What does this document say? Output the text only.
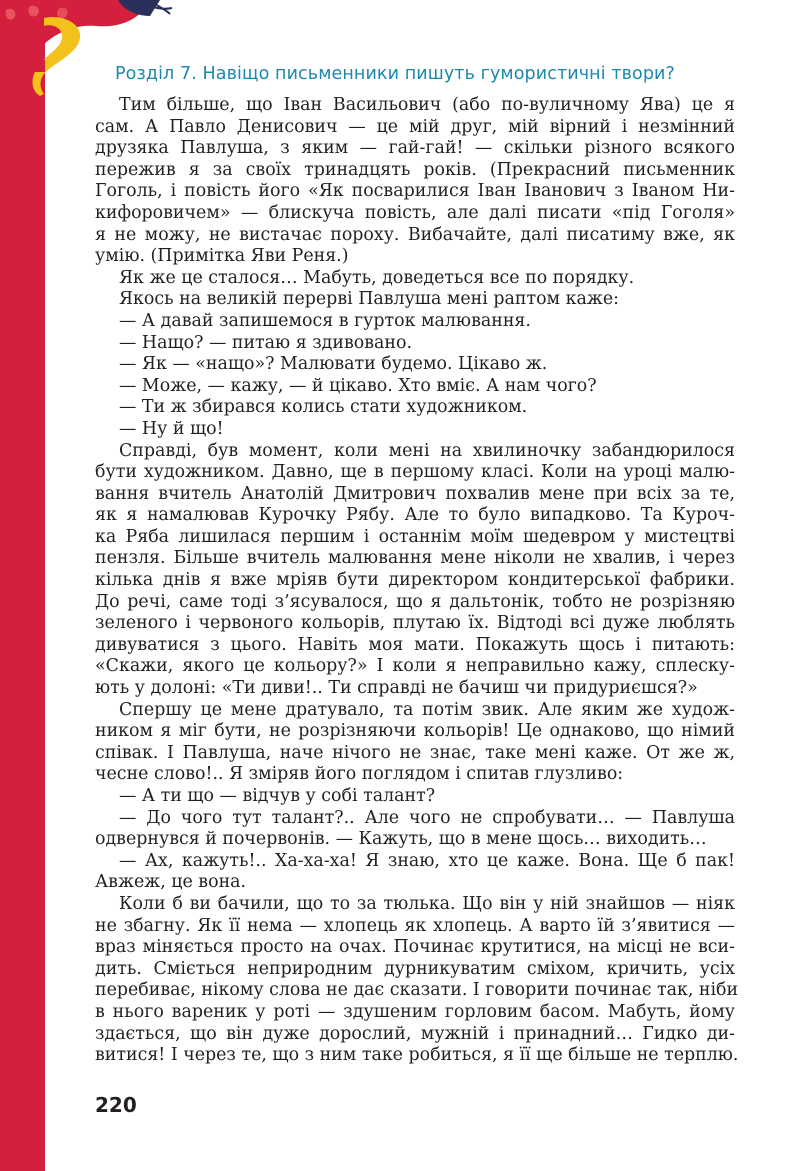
Розділ 7. Навіщо письменники пишуть гумористичні твори?
Тим більше, що Іван Васильович (або по-вуличному Ява) це я
сам. А Павло Денисович — це мій друг, мій вірний і незмінний
друзяка Павлуша, з яким — гай-гай! — скільки різного всякого
пережив я за своїх тринадцять років. (Прекрасний письменник
Гоголь, і повість його «Як посварилися Іван Іванович з Іваном Ни-
кифоровичем» — блискуча повість, але далі писати «під Гоголя»
я не можу, не вистачає пороху. Вибачайте, далі писатиму вже, як
умію. (Примітка Яви Реня.)
Як же це сталося… Мабуть, доведеться все по порядку.
Якось на великій перерві Павлуша мені раптом каже:
— А давай запишемося в гурток малювання.
— Нащо? — питаю я здивовано.
— Як — «нащо»? Малювати будемо. Цікаво ж.
— Може, — кажу, — й цікаво. Хто вміє. А нам чого?
— Ти ж збирався колись стати художником.
— Ну й що!
Справді, був момент, коли мені на хвилиночку забандюрилося
бути художником. Давно, ще в першому класі. Коли на уроці малю-
вання вчитель Анатолій Дмитрович похвалив мене при всіх за те,
як я намалював Курочку Рябу. Але то було випадково. Та Куроч-
ка Ряба лишилася першим і останнім моїм шедевром у мистецтві
пензля. Більше вчитель малювання мене ніколи не хвалив, і через
кілька днів я вже мріяв бути директором кондитерської фабрики.
До речі, саме тоді з’ясувалося, що я дальтонік, тобто не розрізняю
зеленого і червоного кольорів, плутаю їх. Відтоді всі дуже люблять
дивуватися з цього. Навіть моя мати. Покажуть щось і питають:
«Скажи, якого це кольору?» І коли я неправильно кажу, сплеску-
ють у долоні: «Ти диви!.. Ти справді не бачиш чи придуриєшся?»
Спершу це мене дратувало, та потім звик. Але яким же худож-
ником я міг бути, не розрізняючи кольорів! Це однаково, що німий
співак. І Павлуша, наче нічого не знає, таке мені каже. От же ж,
чесне слово!.. Я зміряв його поглядом і спитав глузливо:
— А ти що — відчув у собі талант?
— До чого тут талант?.. Але чого не спробувати… — Павлуша
одвернувся й почервонів. — Кажуть, що в мене щось… виходить…
— Ах, кажуть!.. Ха-ха-ха! Я знаю, хто це каже. Вона. Ще б пак!
Авжеж, це вона.
Коли б ви бачили, що то за тюлька. Що він у ній знайшов — ніяк
не збагну. Як її нема — хлопець як хлопець. А варто їй з’явитися —
враз міняється просто на очах. Починає крутитися, на місці не вси-
дить. Сміється неприродним дурникуватим сміхом, кричить, усіх
перебиває, нікому слова не дає сказати. І говорити починає так, ніби
в нього вареник у роті — здушеним горловим басом. Мабуть, йому
здається, що він дуже дорослий, мужній і принадний… Гидко ди-
витися! І через те, що з ним таке робиться, я її ще більше не терплю.
220
